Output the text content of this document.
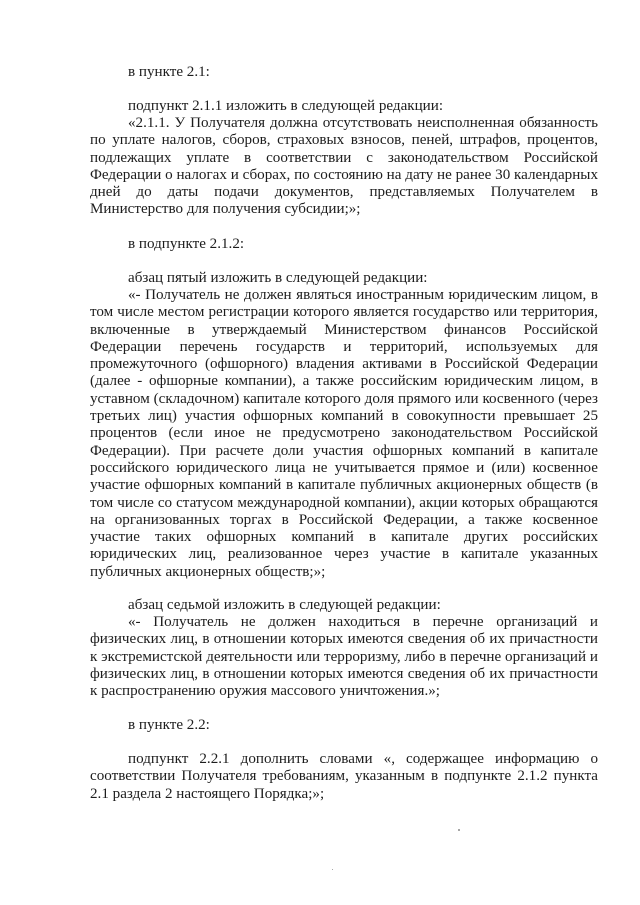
в пункте 2.1:

подпункт 2.1.1 изложить в следующей редакции:

«2.1.1. У Получателя должна отсутствовать неисполненная обязанность по уплате налогов, сборов, страховых взносов, пеней, штрафов, процентов, подлежащих уплате в соответствии с законодательством Российской Федерации о налогах и сборах, по состоянию на дату не ранее 30 календарных дней до даты подачи документов, представляемых Получателем в Министерство для получения субсидии;»;

в подпункте 2.1.2:

абзац пятый изложить в следующей редакции:

«- Получатель не должен являться иностранным юридическим лицом, в том числе местом регистрации которого является государство или территория, включенные в утверждаемый Министерством финансов Российской Федерации перечень государств и территорий, используемых для промежуточного (офшорного) владения активами в Российской Федерации (далее - офшорные компании), а также российским юридическим лицом, в уставном (складочном) капитале которого доля прямого или косвенного (через третьих лиц) участия офшорных компаний в совокупности превышает 25 процентов (если иное не предусмотрено законодательством Российской Федерации). При расчете доли участия офшорных компаний в капитале российского юридического лица не учитывается прямое и (или) косвенное участие офшорных компаний в капитале публичных акционерных обществ (в том числе со статусом международной компании), акции которых обращаются на организованных торгах в Российской Федерации, а также косвенное участие таких офшорных компаний в капитале других российских юридических лиц, реализованное через участие в капитале указанных публичных акционерных обществ;»;

абзац седьмой изложить в следующей редакции:

«- Получатель не должен находиться в перечне организаций и физических лиц, в отношении которых имеются сведения об их причастности к экстремистской деятельности или терроризму, либо в перечне организаций и физических лиц, в отношении которых имеются сведения об их причастности к распространению оружия массового уничтожения.»;

в пункте 2.2:

подпункт 2.2.1 дополнить словами «, содержащее информацию о соответствии Получателя требованиям, указанным в подпункте 2.1.2 пункта 2.1 раздела 2 настоящего Порядка;»;
